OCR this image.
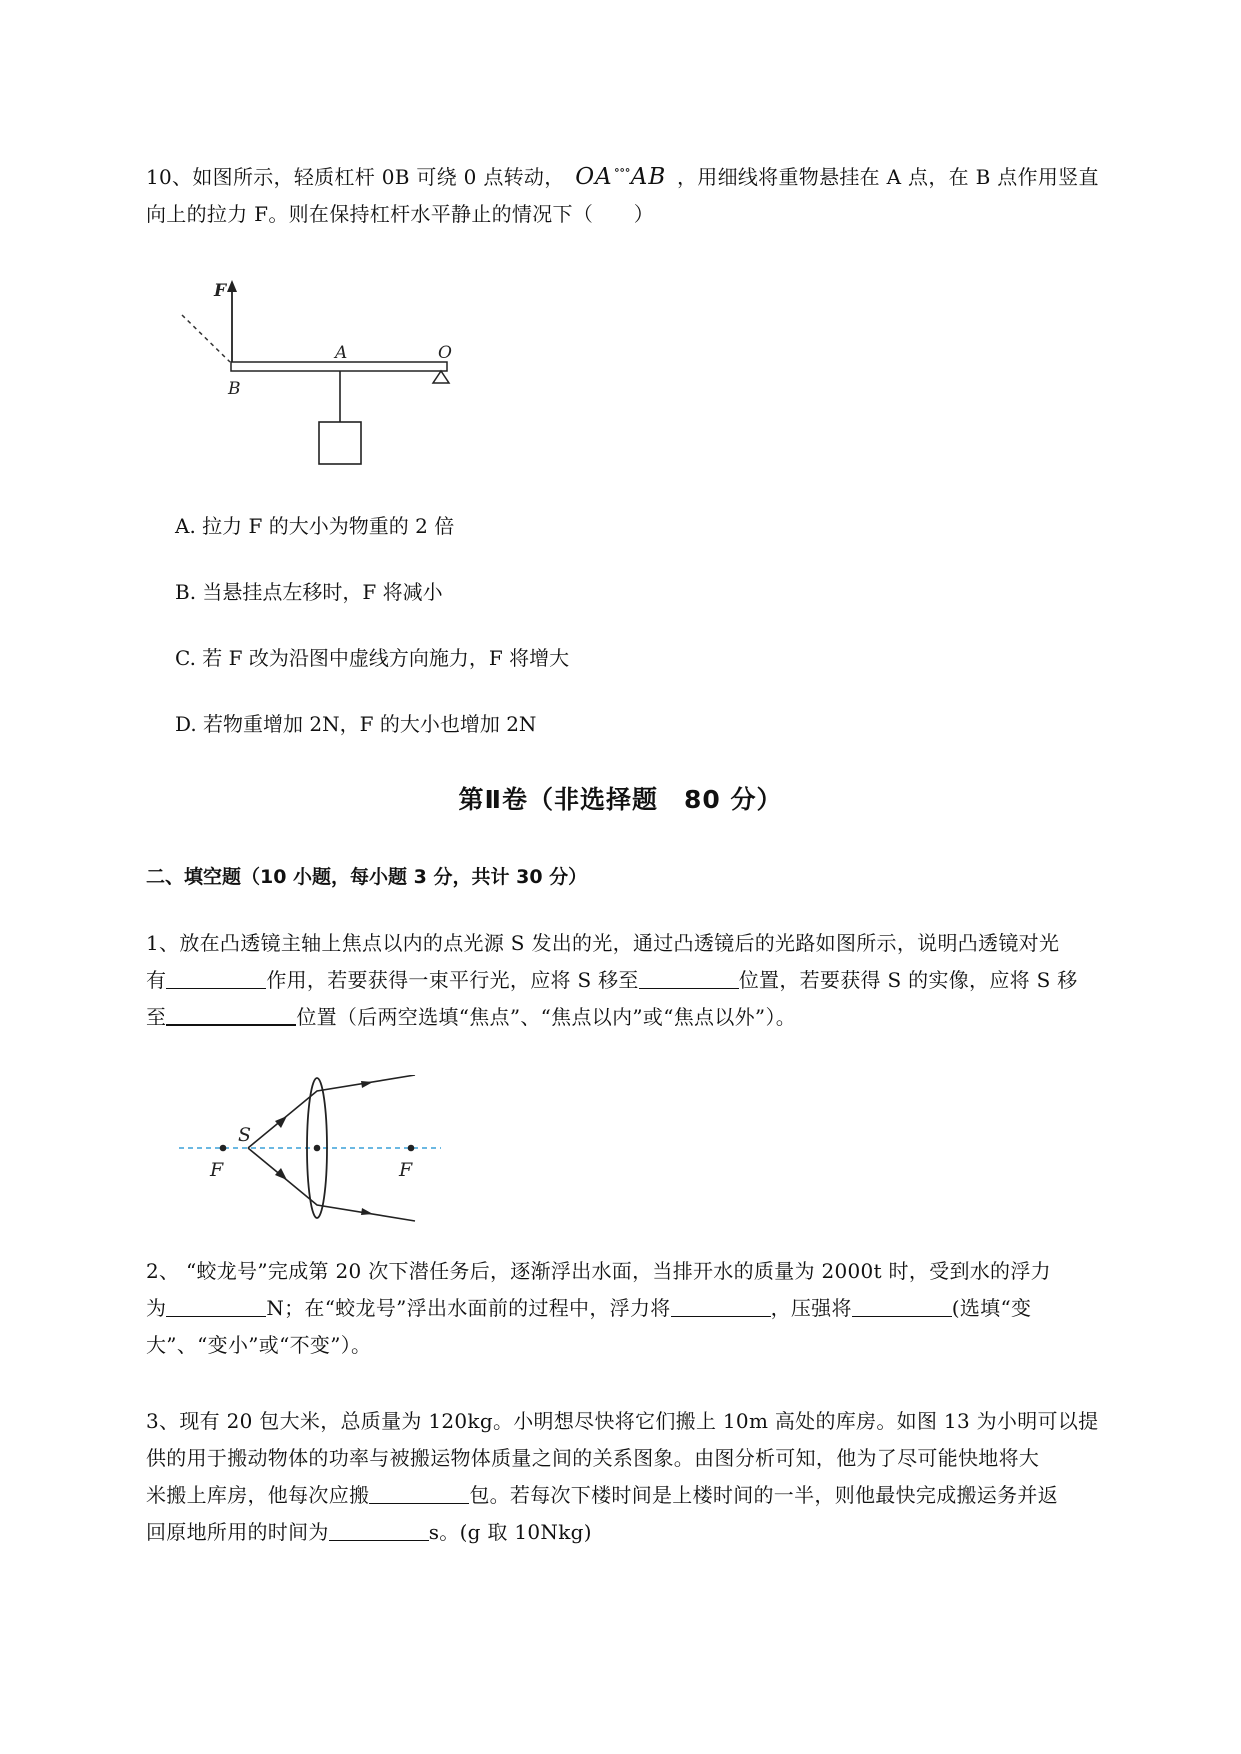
10、如图所示，轻质杠杆 0B 可绕 0 点转动， OA∘∘∘AB ，用细线将重物悬挂在 A 点，在 B 点作用竖直
向上的拉力 F。则在保持杠杆水平静止的情况下（　　）
F
O
A
B
A. 拉力 F 的大小为物重的 2 倍
B. 当悬挂点左移时，F 将减小
C. 若 F 改为沿图中虚线方向施力，F 将增大
D. 若物重增加 2N，F 的大小也增加 2N
第Ⅱ卷（非选择题　80 分）
二、填空题（10 小题，每小题 3 分，共计 30 分）
1、放在凸透镜主轴上焦点以内的点光源 S 发出的光，通过凸透镜后的光路如图所示，说明凸透镜对光
有	作用，若要获得一束平行光，应将 S 移至	位置，若要获得 S 的实像，应将 S 移
至	位置（后两空选填“焦点”、“焦点以内”或“焦点以外”）。
S
F	F
2、 “蛟龙号”完成第 20 次下潜任务后，逐渐浮出水面，当排开水的质量为 2000t 时，受到水的浮力
为	N；在“蛟龙号”浮出水面前的过程中，浮力将	，压强将	(选填“变
大”、“变小”或“不变”）。
3、现有 20 包大米，总质量为 120kg。小明想尽快将它们搬上 10m 高处的库房。如图 13 为小明可以提
供的用于搬动物体的功率与被搬运物体质量之间的关系图象。由图分析可知，他为了尽可能快地将大
米搬上库房，他每次应搬	包。若每次下楼时间是上楼时间的一半，则他最快完成搬运务并返
回原地所用的时间为	s。(g 取 10Nkg)
